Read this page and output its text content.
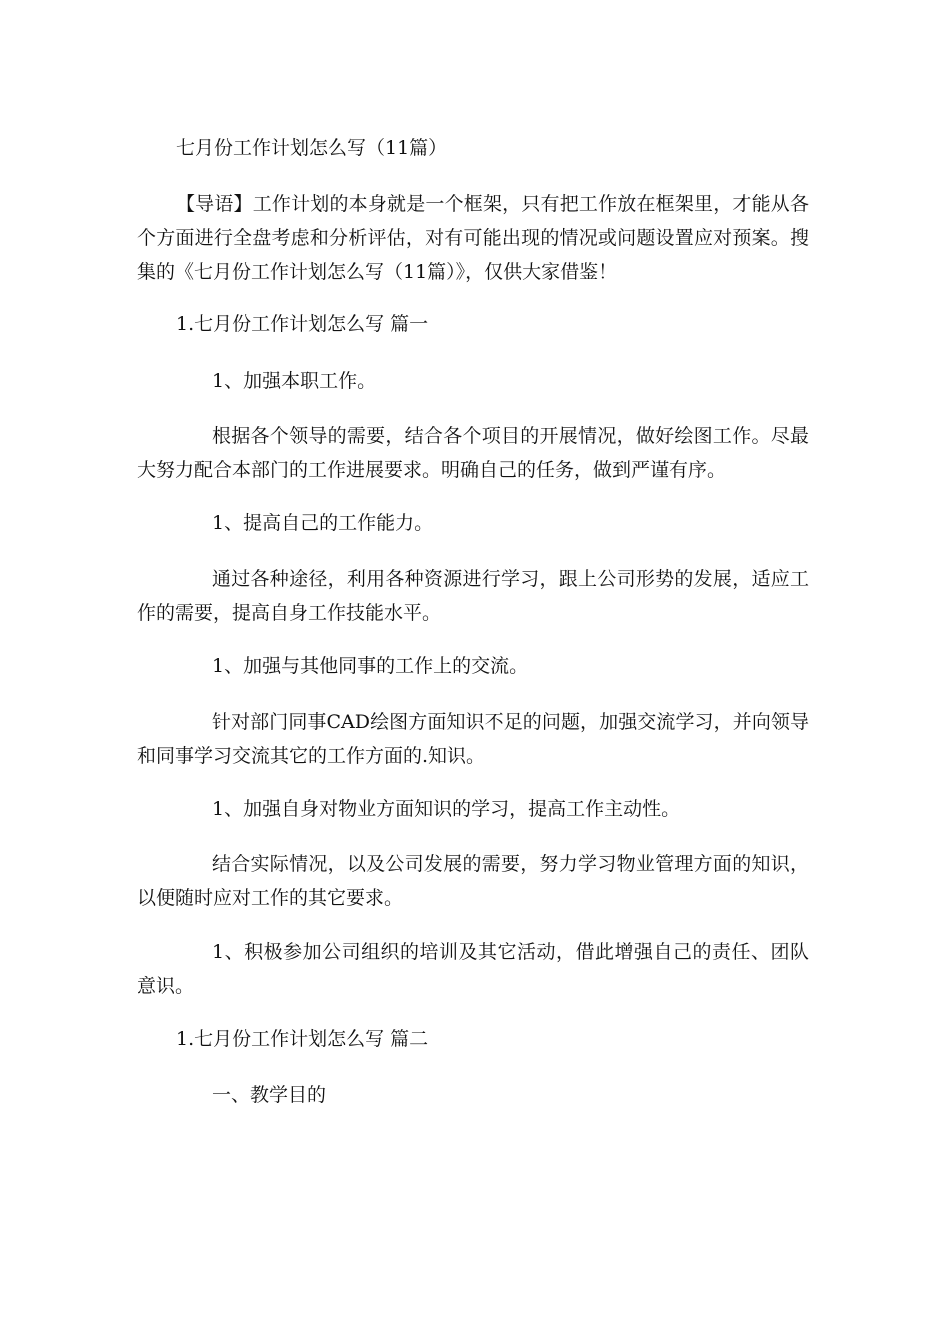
七月份工作计划怎么写（11篇）

【导语】工作计划的本身就是一个框架，只有把工作放在框架里，才能从各个方面进行全盘考虑和分析评估，对有可能出现的情况或问题设置应对预案。搜集的《七月份工作计划怎么写（11篇）》，仅供大家借鉴！

1.七月份工作计划怎么写 篇一

1、加强本职工作。

根据各个领导的需要，结合各个项目的开展情况，做好绘图工作。尽最大努力配合本部门的工作进展要求。明确自己的任务，做到严谨有序。

1、提高自己的工作能力。

通过各种途径，利用各种资源进行学习，跟上公司形势的发展，适应工作的需要，提高自身工作技能水平。

1、加强与其他同事的工作上的交流。

针对部门同事CAD绘图方面知识不足的问题，加强交流学习，并向领导和同事学习交流其它的工作方面的.知识。

1、加强自身对物业方面知识的学习，提高工作主动性。

结合实际情况，以及公司发展的需要，努力学习物业管理方面的知识，以便随时应对工作的其它要求。

1、积极参加公司组织的培训及其它活动，借此增强自己的责任、团队意识。

1.七月份工作计划怎么写 篇二

一、教学目的
